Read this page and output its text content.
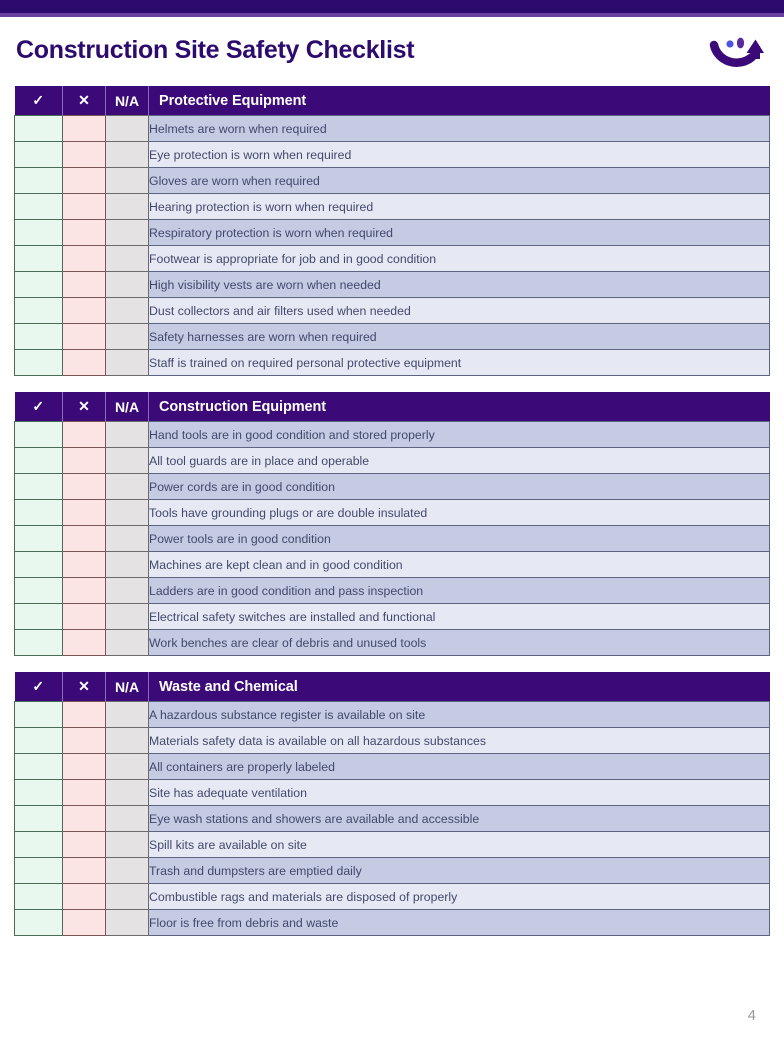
Construction Site Safety Checklist
✓	✕	N/A	Protective Equipment
			Helmets are worn when required
			Eye protection is worn when required
			Gloves are worn when required
			Hearing protection is worn when required
			Respiratory protection is worn when required
			Footwear is appropriate for job and in good condition
			High visibility vests are worn when needed
			Dust collectors and air filters used when needed
			Safety harnesses are worn when required
			Staff is trained on required personal protective equipment
✓	✕	N/A	Construction Equipment
			Hand tools are in good condition and stored properly
			All tool guards are in place and operable
			Power cords are in good condition
			Tools have grounding plugs or are double insulated
			Power tools are in good condition
			Machines are kept clean and in good condition
			Ladders are in good condition and pass inspection
			Electrical safety switches are installed and functional
			Work benches are clear of debris and unused tools
✓	✕	N/A	Waste and Chemical
			A hazardous substance register is available on site
			Materials safety data is available on all hazardous substances
			All containers are properly labeled
			Site has adequate ventilation
			Eye wash stations and showers are available and accessible
			Spill kits are available on site
			Trash and dumpsters are emptied daily
			Combustible rags and materials are disposed of properly
			Floor is free from debris and waste
4
